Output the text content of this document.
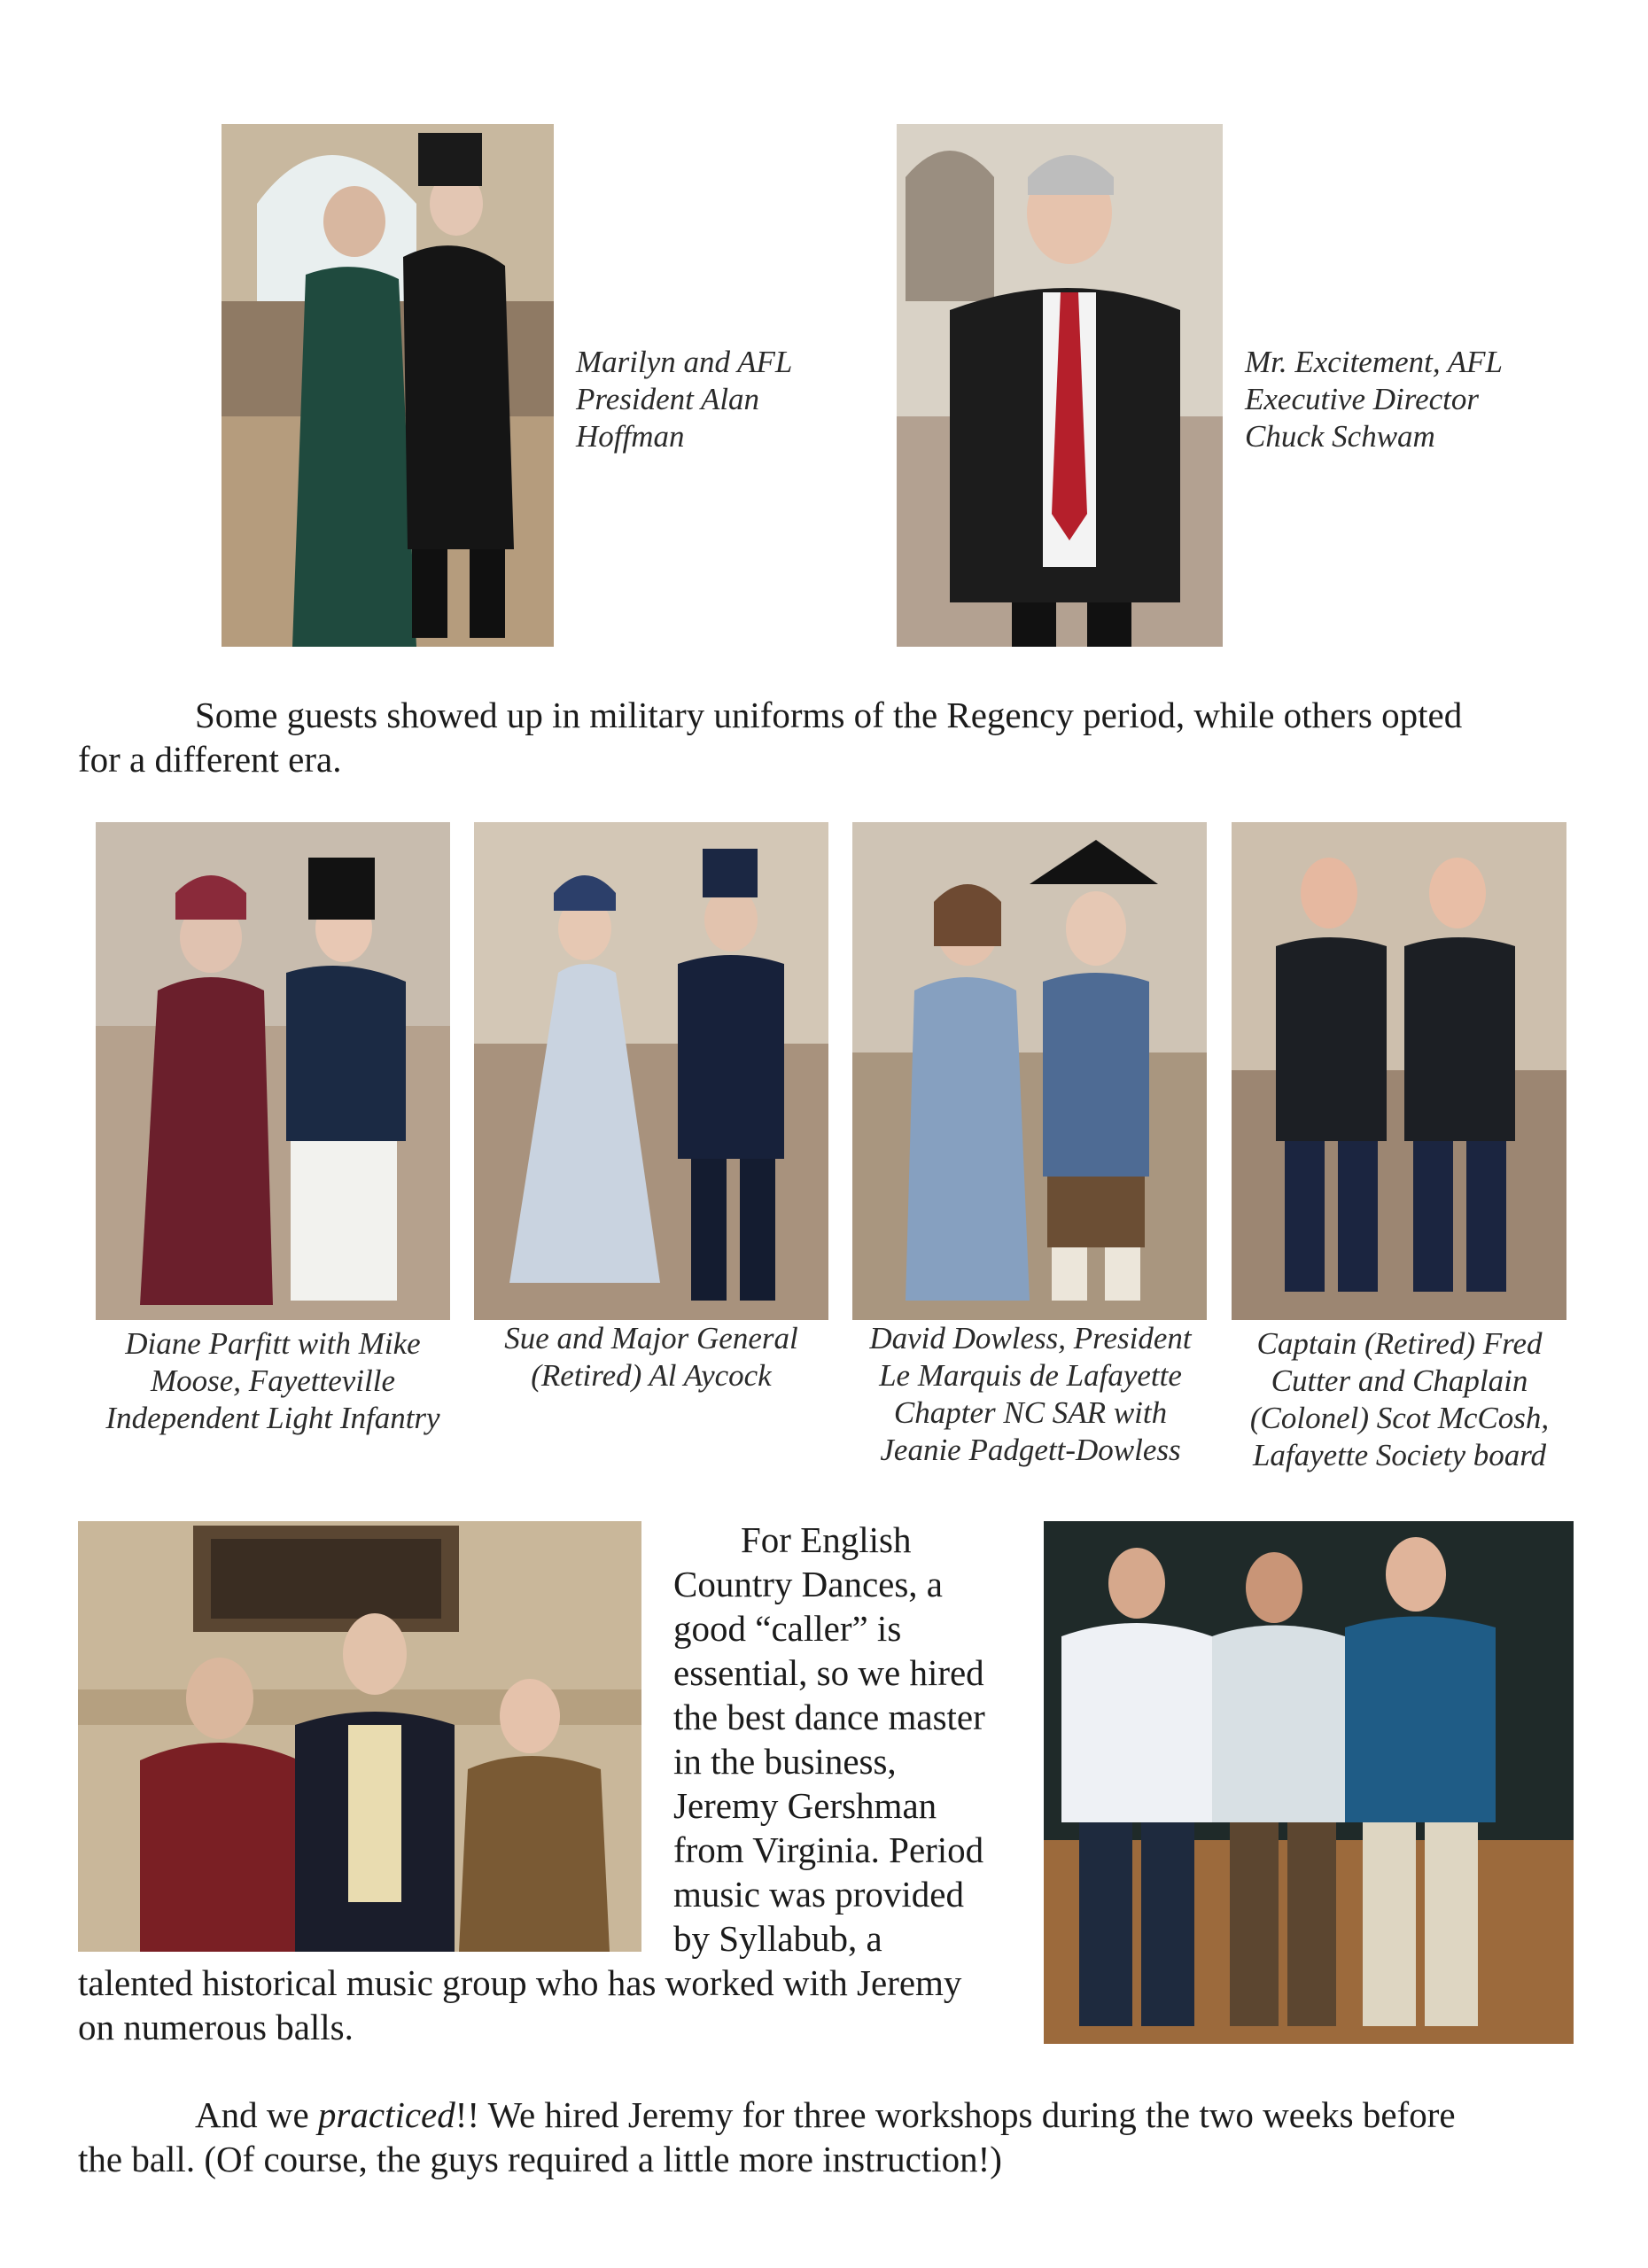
Marilyn and AFL
President Alan
Hoffman
Mr. Excitement, AFL
Executive Director
Chuck Schwam
Some guests showed up in military uniforms of the Regency period, while others opted
for a different era.
Diane Parfitt with Mike
Moose, Fayetteville
Independent Light Infantry
Sue and Major General
(Retired) Al Aycock
David Dowless, President
Le Marquis de Lafayette
Chapter NC SAR with
Jeanie Padgett-Dowless
Captain (Retired) Fred
Cutter and Chaplain
(Colonel) Scot McCosh,
Lafayette Society board
For English
Country Dances, a
good “caller” is
essential, so we hired
the best dance master
in the business,
Jeremy Gershman
from Virginia. Period
music was provided
by Syllabub, a
talented historical music group who has worked with Jeremy
on numerous balls.
And we practiced!! We hired Jeremy for three workshops during the two weeks before
the ball. (Of course, the guys required a little more instruction!)
